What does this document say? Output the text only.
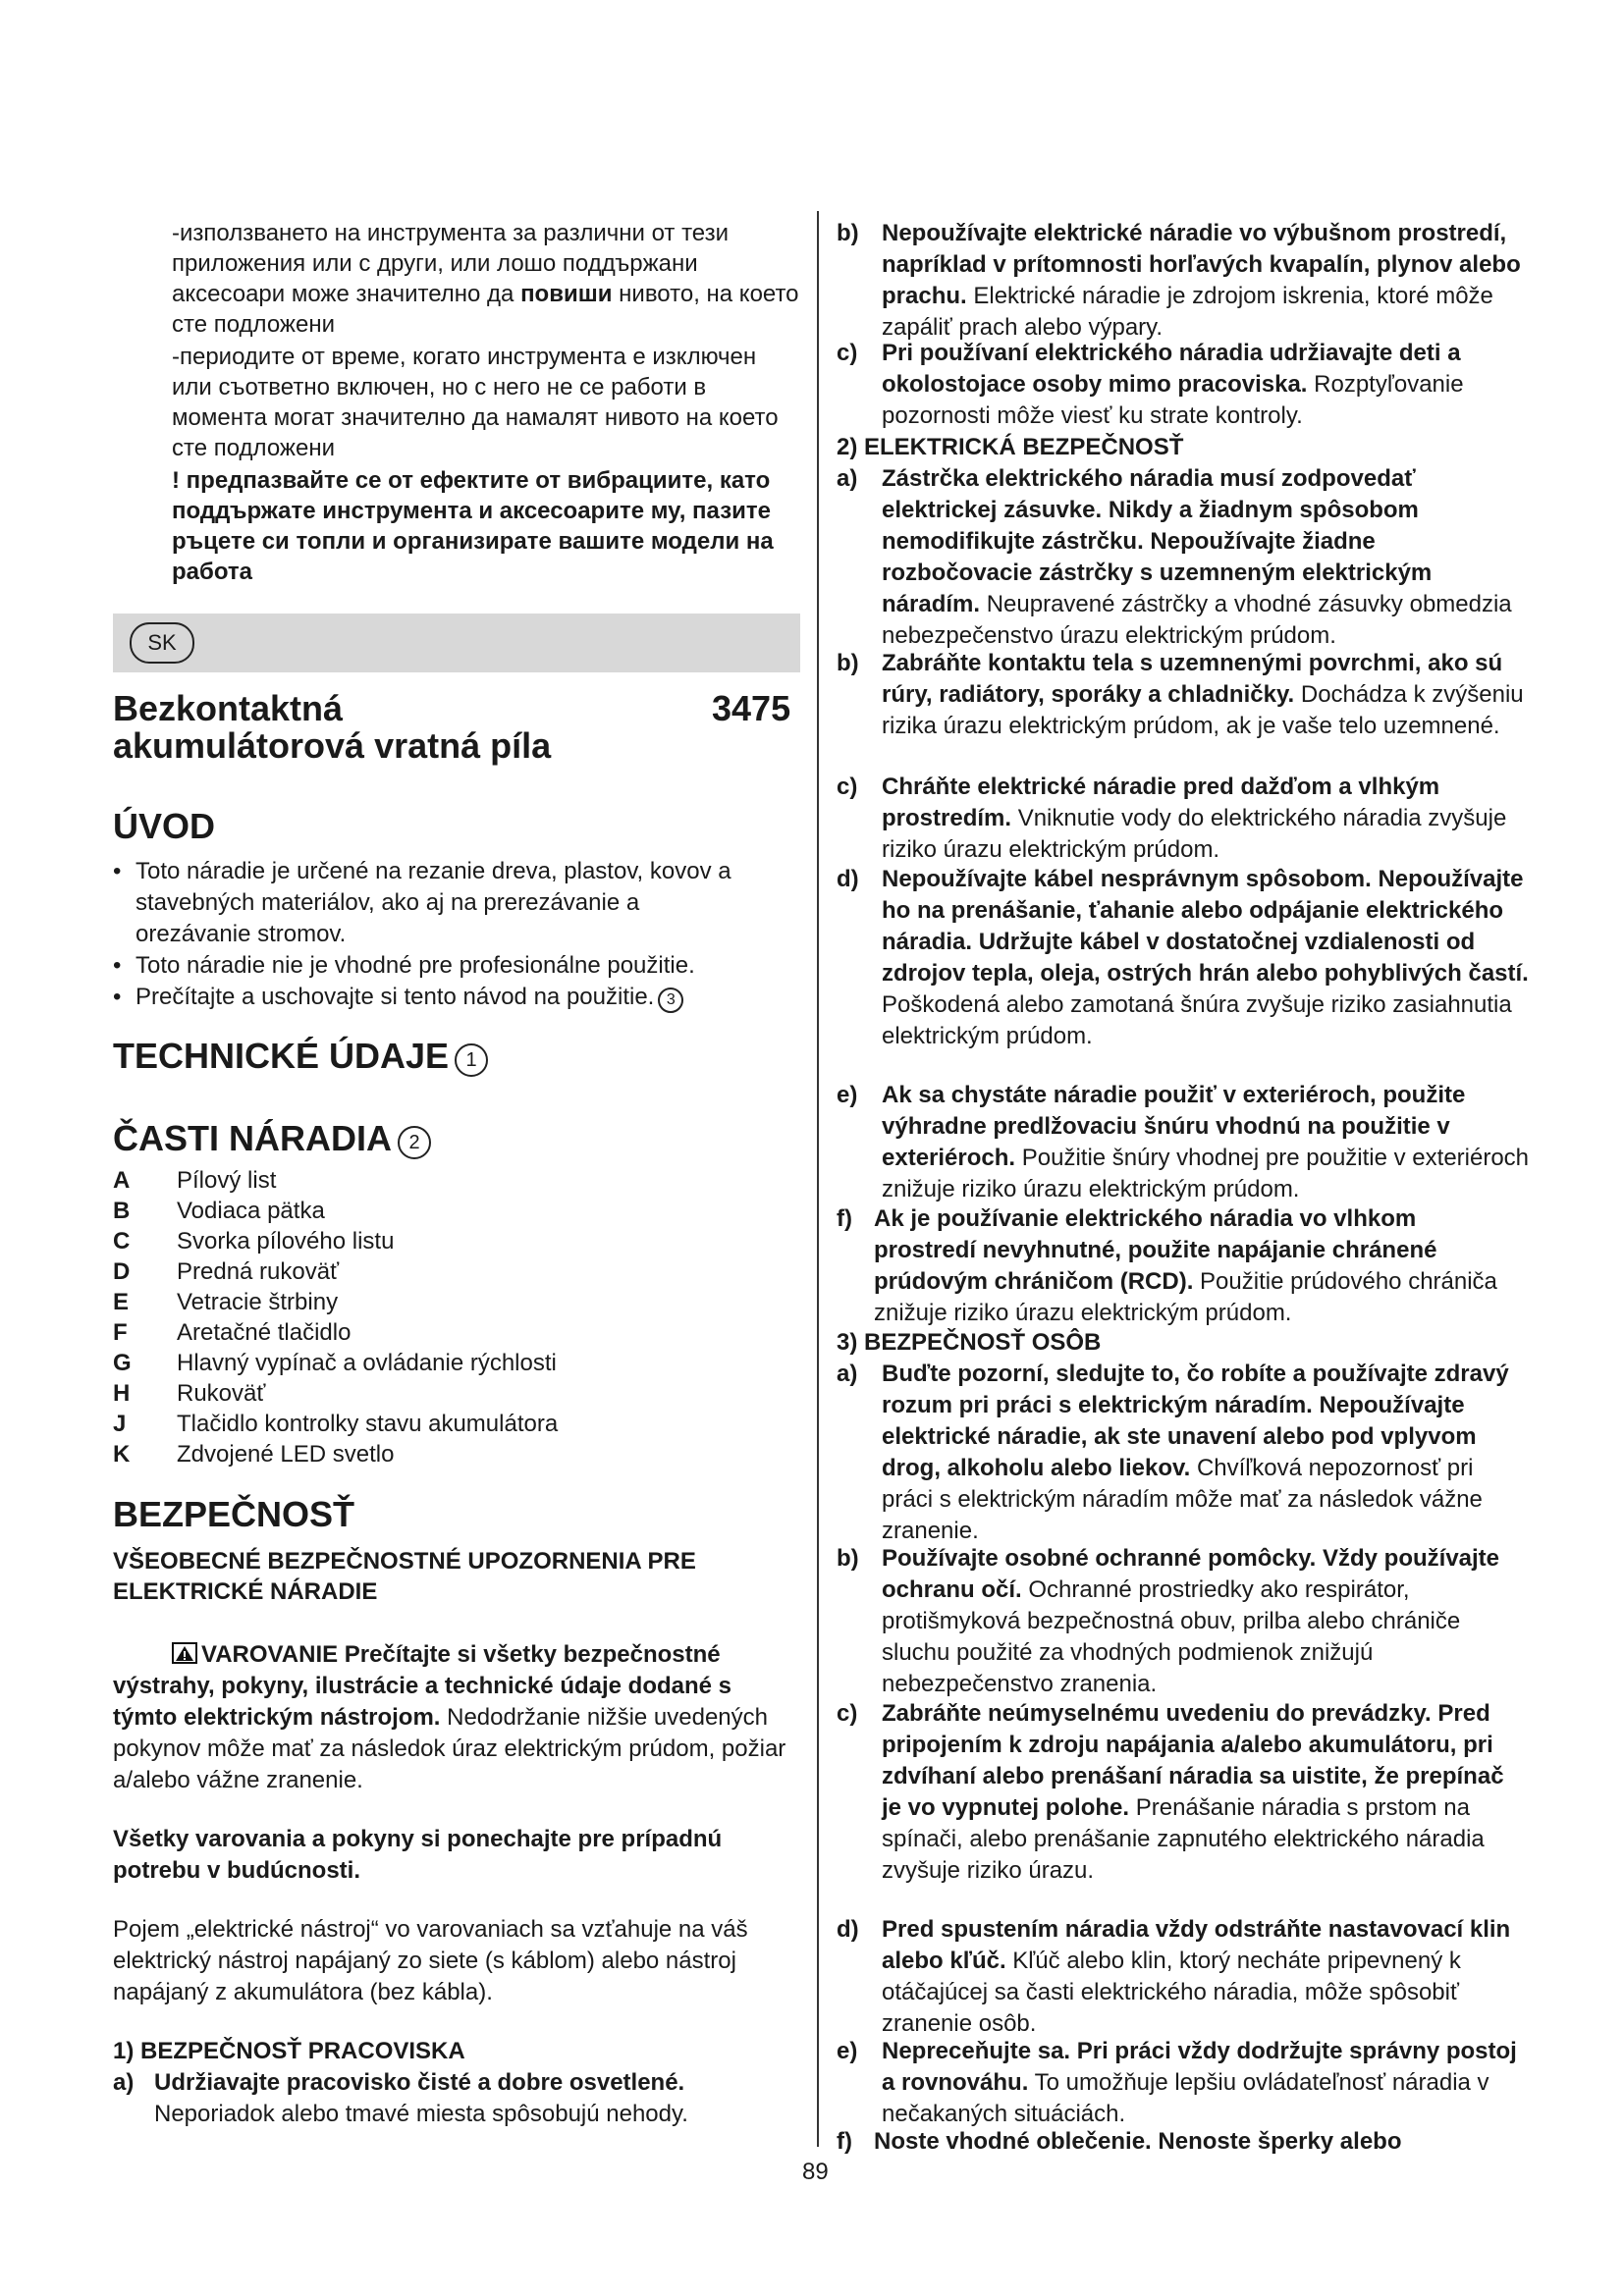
-използването на инструмента за различни от тези приложения или с други, или лошо поддържани аксесоари може значително да повиши нивото, на което сте подложени
-периодите от време, когато инструмента е изключен или съответно включен, но с него не се работи в момента могат значително да намалят нивото на което сте подложени
! предпазвайте се от ефектите от вибрациите, като поддържате инструмента и аксесоарите му, пазите ръцете си топли и организирате вашите модели на работа
SK
Bezkontaktná
akumulátorová vratná píla
3475
ÚVOD
• Toto náradie je určené na rezanie dreva, plastov, kovov a stavebných materiálov, ako aj na prerezávanie a orezávanie stromov.
• Toto náradie nie je vhodné pre profesionálne použitie.
• Prečítajte a uschovajte si tento návod na použitie. 3
TECHNICKÉ ÚDAJE 1
ČASTI NÁRADIA 2
A Pílový list
B Vodiaca pätka
C Svorka pílového listu
D Predná rukoväť
E Vetracie štrbiny
F Aretačné tlačidlo
G Hlavný vypínač a ovládanie rýchlosti
H Rukoväť
J Tlačidlo kontrolky stavu akumulátora
K Zdvojené LED svetlo
BEZPEČNOSŤ
VŠEOBECNÉ BEZPEČNOSTNÉ UPOZORNENIA PRE ELEKTRICKÉ NÁRADIE
VAROVANIE Prečítajte si všetky bezpečnostné výstrahy, pokyny, ilustrácie a technické údaje dodané s týmto elektrickým nástrojom. Nedodržanie nižšie uvedených pokynov môže mať za následok úraz elektrickým prúdom, požiar a/alebo vážne zranenie.
Všetky varovania a pokyny si ponechajte pre prípadnú potrebu v budúcnosti.
Pojem „elektrické nástroj“ vo varovaniach sa vzťahuje na váš elektrický nástroj napájaný zo siete (s káblom) alebo nástroj napájaný z akumulátora (bez kábla).
1) BEZPEČNOSŤ PRACOVISKA
a) Udržiavajte pracovisko čisté a dobre osvetlené. Neporiadok alebo tmavé miesta spôsobujú nehody.
b) Nepoužívajte elektrické náradie vo výbušnom prostredí, napríklad v prítomnosti horľavých kvapalín, plynov alebo prachu. Elektrické náradie je zdrojom iskrenia, ktoré môže zapáliť prach alebo výpary.
c) Pri používaní elektrického náradia udržiavajte deti a okolostojace osoby mimo pracoviska. Rozptyľovanie pozornosti môže viesť ku strate kontroly.
2) ELEKTRICKÁ BEZPEČNOSŤ
a) Zástrčka elektrického náradia musí zodpovedať elektrickej zásuvke. Nikdy a žiadnym spôsobom nemodifikujte zástrčku. Nepoužívajte žiadne rozbočovacie zástrčky s uzemneným elektrickým náradím. Neupravené zástrčky a vhodné zásuvky obmedzia nebezpečenstvo úrazu elektrickým prúdom.
b) Zabráňte kontaktu tela s uzemnenými povrchmi, ako sú rúry, radiátory, sporáky a chladničky. Dochádza k zvýšeniu rizika úrazu elektrickým prúdom, ak je vaše telo uzemnené.
c) Chráňte elektrické náradie pred dažďom a vlhkým prostredím. Vniknutie vody do elektrického náradia zvyšuje riziko úrazu elektrickým prúdom.
d) Nepoužívajte kábel nesprávnym spôsobom. Nepoužívajte ho na prenášanie, ťahanie alebo odpájanie elektrického náradia. Udržujte kábel v dostatočnej vzdialenosti od zdrojov tepla, oleja, ostrých hrán alebo pohyblivých častí. Poškodená alebo zamotaná šnúra zvyšuje riziko zasiahnutia elektrickým prúdom.
e) Ak sa chystáte náradie použiť v exteriéroch, použite výhradne predlžovaciu šnúru vhodnú na použitie v exteriéroch. Použitie šnúry vhodnej pre použitie v exteriéroch znižuje riziko úrazu elektrickým prúdom.
f) Ak je používanie elektrického náradia vo vlhkom prostredí nevyhnutné, použite napájanie chránené prúdovým chráničom (RCD). Použitie prúdového chrániča znižuje riziko úrazu elektrickým prúdom.
3) BEZPEČNOSŤ OSÔB
a) Buďte pozorní, sledujte to, čo robíte a používajte zdravý rozum pri práci s elektrickým náradím. Nepoužívajte elektrické náradie, ak ste unavení alebo pod vplyvom drog, alkoholu alebo liekov. Chvíľková nepozornosť pri práci s elektrickým náradím môže mať za následok vážne zranenie.
b) Používajte osobné ochranné pomôcky. Vždy používajte ochranu očí. Ochranné prostriedky ako respirátor, protišmyková bezpečnostná obuv, prilba alebo chrániče sluchu použité za vhodných podmienok znižujú nebezpečenstvo zranenia.
c) Zabráňte neúmyselnému uvedeniu do prevádzky. Pred pripojením k zdroju napájania a/alebo akumulátoru, pri zdvíhaní alebo prenášaní náradia sa uistite, že prepínač je vo vypnutej polohe. Prenášanie náradia s prstom na spínači, alebo prenášanie zapnutého elektrického náradia zvyšuje riziko úrazu.
d) Pred spustením náradia vždy odstráňte nastavovací klin alebo kľúč. Kľúč alebo klin, ktorý necháte pripevnený k otáčajúcej sa časti elektrického náradia, môže spôsobiť zranenie osôb.
e) Nepreceňujte sa. Pri práci vždy dodržujte správny postoj a rovnováhu. To umožňuje lepšiu ovládateľnosť náradia v nečakaných situáciách.
f) Noste vhodné oblečenie. Nenoste šperky alebo
89
